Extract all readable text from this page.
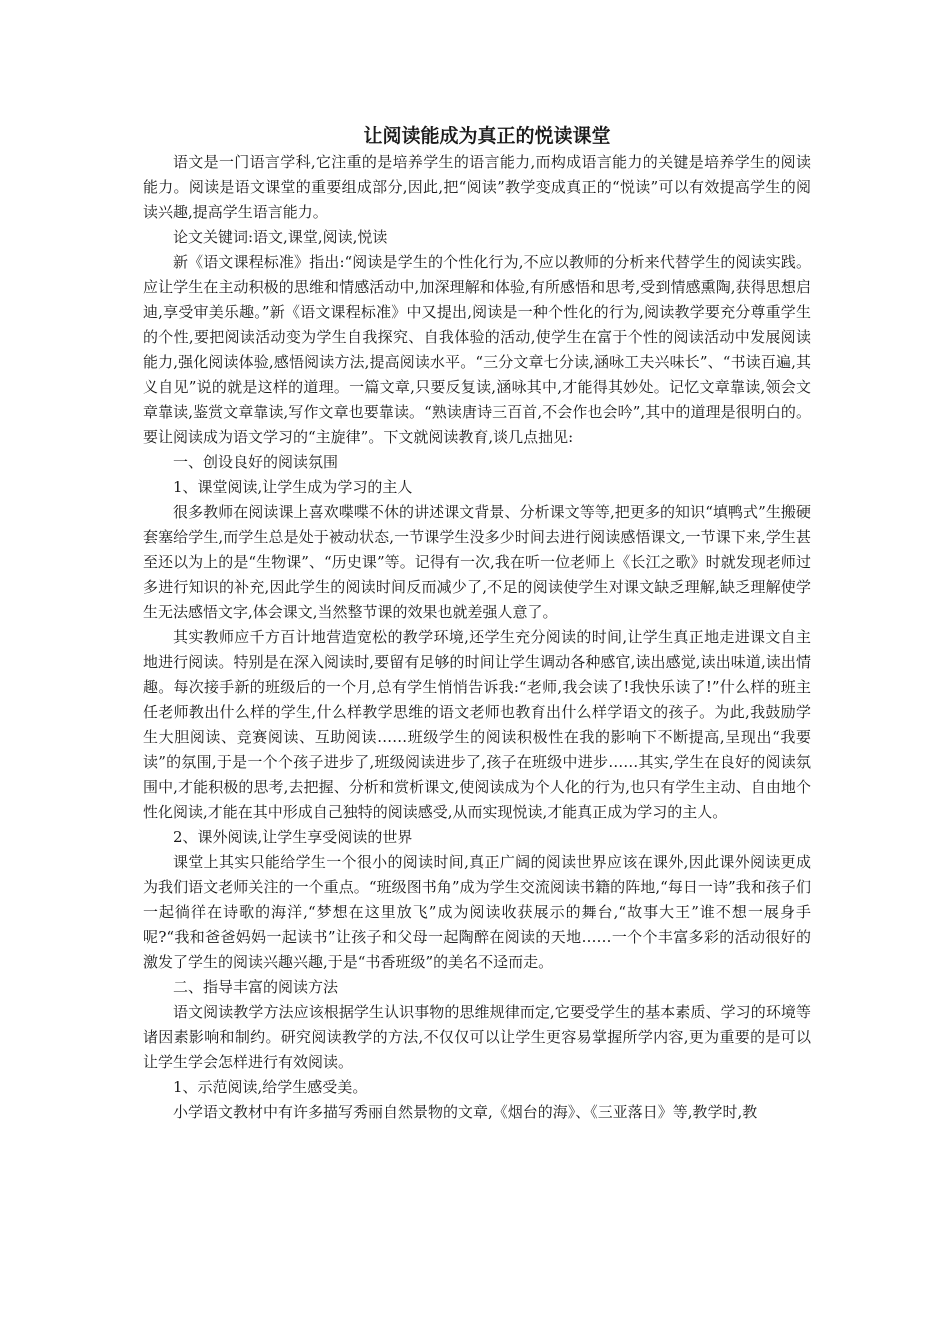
让阅读能成为真正的悦读课堂

语文是一门语言学科,它注重的是培养学生的语言能力,而构成语言能力的关键是培养学生的阅读能力。阅读是语文课堂的重要组成部分,因此,把“阅读”教学变成真正的“悦读”可以有效提高学生的阅读兴趣,提高学生语言能力。

论文关键词:语文,课堂,阅读,悦读

新《语文课程标准》指出:“阅读是学生的个性化行为,不应以教师的分析来代替学生的阅读实践。应让学生在主动积极的思维和情感活动中,加深理解和体验,有所感悟和思考,受到情感熏陶,获得思想启迪,享受审美乐趣。”新《语文课程标准》中又提出,阅读是一种个性化的行为,阅读教学要充分尊重学生的个性,要把阅读活动变为学生自我探究、自我体验的活动,使学生在富于个性的阅读活动中发展阅读能力,强化阅读体验,感悟阅读方法,提高阅读水平。“三分文章七分读,涵咏工夫兴味长”、“书读百遍,其义自见”说的就是这样的道理。一篇文章,只要反复读,涵咏其中,才能得其妙处。记忆文章靠读,领会文章靠读,鉴赏文章靠读,写作文章也要靠读。“熟读唐诗三百首,不会作也会吟”,其中的道理是很明白的。要让阅读成为语文学习的“主旋律”。下文就阅读教育,谈几点拙见:

一、创设良好的阅读氛围

1、课堂阅读,让学生成为学习的主人

很多教师在阅读课上喜欢喋喋不休的讲述课文背景、分析课文等等,把更多的知识“填鸭式”生搬硬套塞给学生,而学生总是处于被动状态,一节课学生没多少时间去进行阅读感悟课文,一节课下来,学生甚至还以为上的是“生物课”、“历史课”等。记得有一次,我在听一位老师上《长江之歌》时就发现老师过多进行知识的补充,因此学生的阅读时间反而减少了,不足的阅读使学生对课文缺乏理解,缺乏理解使学生无法感悟文字,体会课文,当然整节课的效果也就差强人意了。

其实教师应千方百计地营造宽松的教学环境,还学生充分阅读的时间,让学生真正地走进课文自主地进行阅读。特别是在深入阅读时,要留有足够的时间让学生调动各种感官,读出感觉,读出味道,读出情趣。每次接手新的班级后的一个月,总有学生悄悄告诉我:“老师,我会读了!我快乐读了!”什么样的班主任老师教出什么样的学生,什么样教学思维的语文老师也教育出什么样学语文的孩子。为此,我鼓励学生大胆阅读、竞赛阅读、互助阅读……班级学生的阅读积极性在我的影响下不断提高,呈现出“我要读”的氛围,于是一个个孩子进步了,班级阅读进步了,孩子在班级中进步……其实,学生在良好的阅读氛围中,才能积极的思考,去把握、分析和赏析课文,使阅读成为个人化的行为,也只有学生主动、自由地个性化阅读,才能在其中形成自己独特的阅读感受,从而实现悦读,才能真正成为学习的主人。

2、课外阅读,让学生享受阅读的世界

课堂上其实只能给学生一个很小的阅读时间,真正广阔的阅读世界应该在课外,因此课外阅读更成为我们语文老师关注的一个重点。“班级图书角”成为学生交流阅读书籍的阵地,“每日一诗”我和孩子们一起徜徉在诗歌的海洋,“梦想在这里放飞”成为阅读收获展示的舞台,“故事大王”谁不想一展身手呢?“我和爸爸妈妈一起读书”让孩子和父母一起陶醉在阅读的天地……一个个丰富多彩的活动很好的激发了学生的阅读兴趣兴趣,于是“书香班级”的美名不迳而走。

二、指导丰富的阅读方法

语文阅读教学方法应该根据学生认识事物的思维规律而定,它要受学生的基本素质、学习的环境等诸因素影响和制约。研究阅读教学的方法,不仅仅可以让学生更容易掌握所学内容,更为重要的是可以让学生学会怎样进行有效阅读。

1、示范阅读,给学生感受美。

小学语文教材中有许多描写秀丽自然景物的文章,《烟台的海》、《三亚落日》等,教学时,教
